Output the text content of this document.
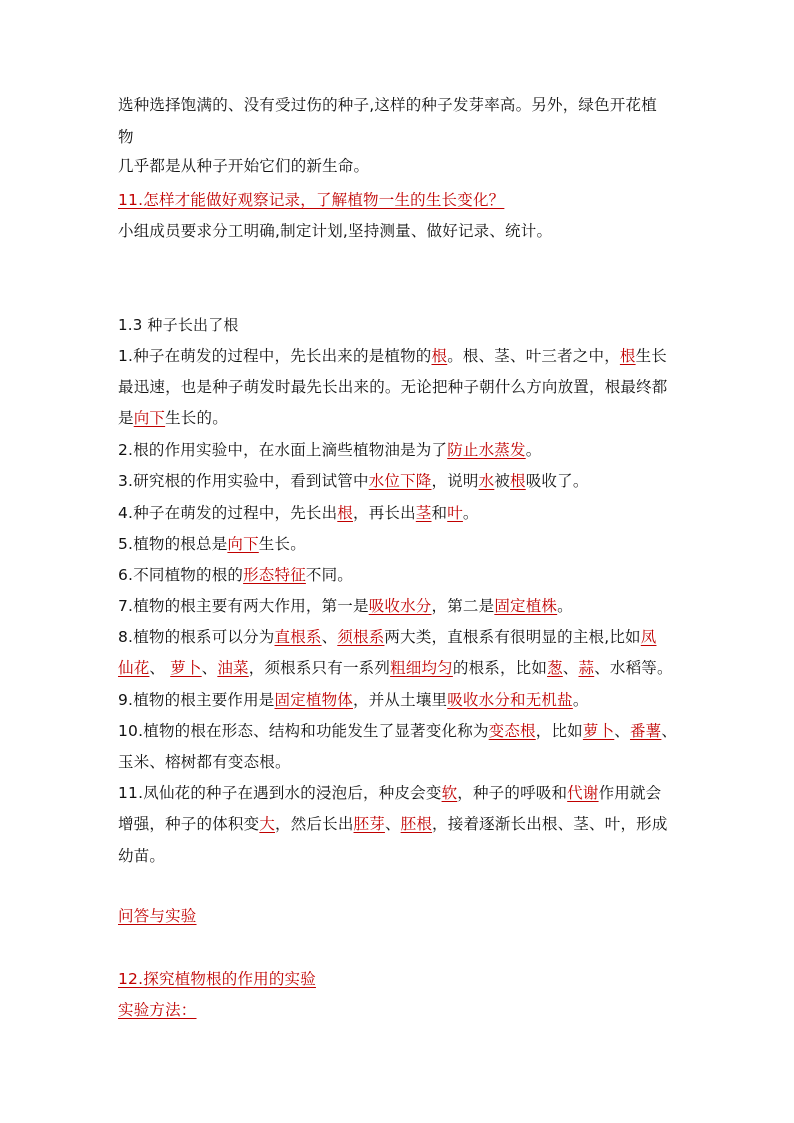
选种选择饱满的、没有受过伤的种子,这样的种子发芽率高。另外，绿色开花植
物
几乎都是从种子开始它们的新生命。
11.怎样才能做好观察记录，了解植物一生的生长变化？
小组成员要求分工明确,制定计划,坚持测量、做好记录、统计。
1.3 种子长出了根
1.种子在萌发的过程中，先长出来的是植物的根。根、茎、叶三者之中，根生长
最迅速，也是种子萌发时最先长出来的。无论把种子朝什么方向放置，根最终都
是向下生长的。
2.根的作用实验中，在水面上滴些植物油是为了防止水蒸发。
3.研究根的作用实验中，看到试管中水位下降，说明水被根吸收了。
4.种子在萌发的过程中，先长出根，再长出茎和叶。
5.植物的根总是向下生长。
6.不同植物的根的形态特征不同。
7.植物的根主要有两大作用，第一是吸收水分，第二是固定植株。
8.植物的根系可以分为直根系、须根系两大类，直根系有很明显的主根,比如凤
仙花、 萝卜、油菜，须根系只有一系列粗细均匀的根系，比如葱、蒜、水稻等。
9.植物的根主要作用是固定植物体，并从土壤里吸收水分和无机盐。
10.植物的根在形态、结构和功能发生了显著变化称为变态根，比如萝卜、番薯、
玉米、榕树都有变态根。
11.凤仙花的种子在遇到水的浸泡后，种皮会变软，种子的呼吸和代谢作用就会
增强，种子的体积变大，然后长出胚芽、胚根，接着逐渐长出根、茎、叶，形成
幼苗。
问答与实验
12.探究植物根的作用的实验
实验方法：
